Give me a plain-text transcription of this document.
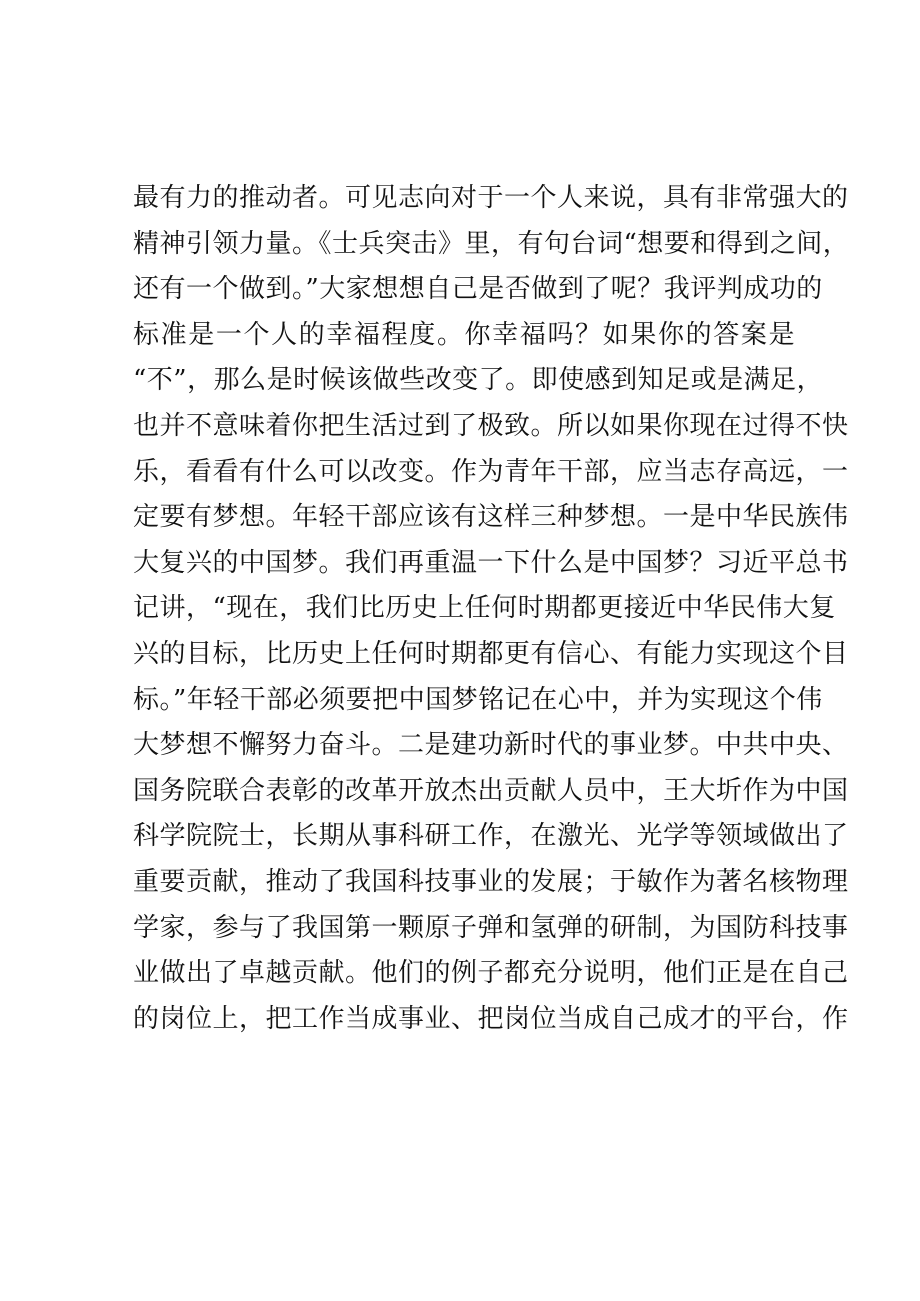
最有力的推动者。可见志向对于一个人来说，具有非常强大的
精神引领力量。《士兵突击》里，有句台词“想要和得到之间，
还有一个做到。”大家想想自己是否做到了呢？我评判成功的
标准是一个人的幸福程度。你幸福吗？如果你的答案是
“不”，那么是时候该做些改变了。即使感到知足或是满足，
也并不意味着你把生活过到了极致。所以如果你现在过得不快
乐，看看有什么可以改变。作为青年干部，应当志存高远，一
定要有梦想。年轻干部应该有这样三种梦想。一是中华民族伟
大复兴的中国梦。我们再重温一下什么是中国梦？习近平总书
记讲，“现在，我们比历史上任何时期都更接近中华民伟大复
兴的目标，比历史上任何时期都更有信心、有能力实现这个目
标。”年轻干部必须要把中国梦铭记在心中，并为实现这个伟
大梦想不懈努力奋斗。二是建功新时代的事业梦。中共中央、
国务院联合表彰的改革开放杰出贡献人员中，王大圻作为中国
科学院院士，长期从事科研工作，在激光、光学等领域做出了
重要贡献，推动了我国科技事业的发展；于敏作为著名核物理
学家，参与了我国第一颗原子弹和氢弹的研制，为国防科技事
业做出了卓越贡献。他们的例子都充分说明，他们正是在自己
的岗位上，把工作当成事业、把岗位当成自己成才的平台，作
